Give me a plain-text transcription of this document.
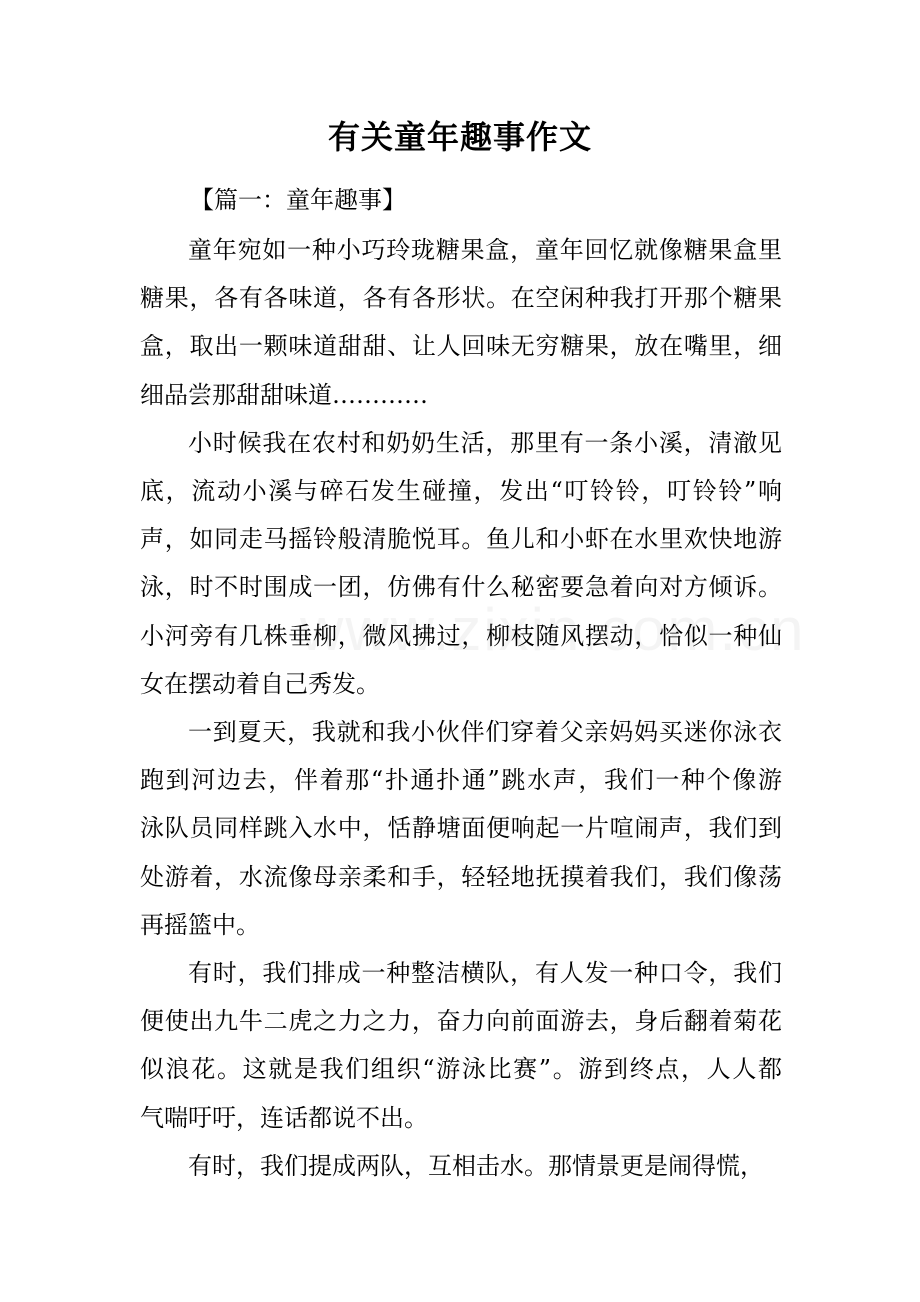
有关童年趣事作文
【篇一：童年趣事】
童年宛如一种小巧玲珑糖果盒，童年回忆就像糖果盒里
糖果，各有各味道，各有各形状。在空闲种我打开那个糖果
盒，取出一颗味道甜甜、让人回味无穷糖果，放在嘴里，细
细品尝那甜甜味道…………
小时候我在农村和奶奶生活，那里有一条小溪，清澈见
底，流动小溪与碎石发生碰撞，发出“叮铃铃，叮铃铃”响
声，如同走马摇铃般清脆悦耳。鱼儿和小虾在水里欢快地游
泳，时不时围成一团，仿佛有什么秘密要急着向对方倾诉。
小河旁有几株垂柳，微风拂过，柳枝随风摆动，恰似一种仙
女在摆动着自己秀发。
一到夏天，我就和我小伙伴们穿着父亲妈妈买迷你泳衣
跑到河边去，伴着那“扑通扑通”跳水声，我们一种个像游
泳队员同样跳入水中，恬静塘面便响起一片喧闹声，我们到
处游着，水流像母亲柔和手，轻轻地抚摸着我们，我们像荡
再摇篮中。
有时，我们排成一种整洁横队，有人发一种口令，我们
便使出九牛二虎之力之力，奋力向前面游去，身后翻着菊花
似浪花。这就是我们组织“游泳比赛”。游到终点，人人都
气喘吁吁，连话都说不出。
有时，我们提成两队，互相击水。那情景更是闹得慌，
